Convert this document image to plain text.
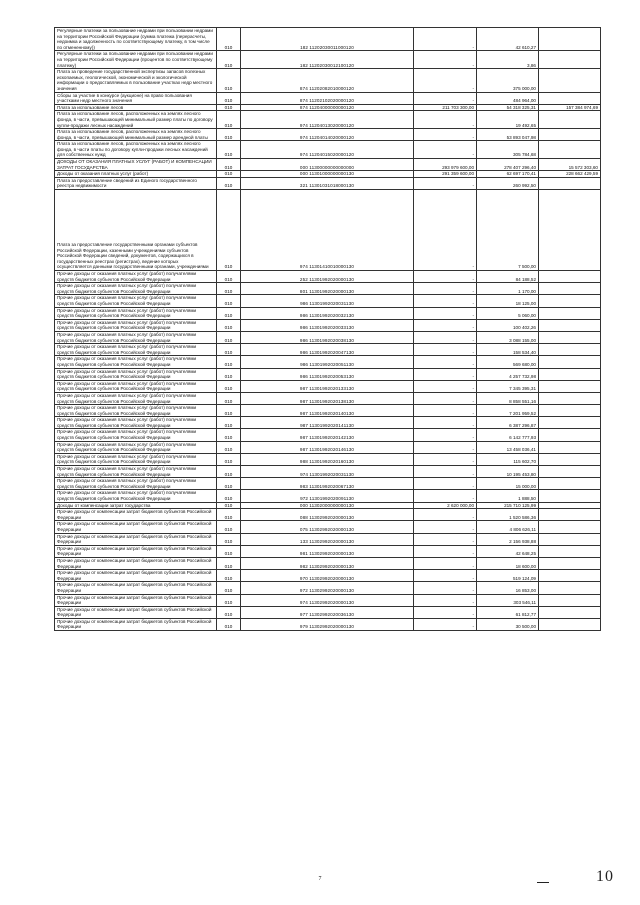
Регулярные платежи за пользование недрами при пользовании недрами на территории Российской Федерации (сумма платежа (перерасчеты, недоимка и задолженность по соответствующему платежу, в том числе по отмененному))	010	182 11202030011000120	-	42 610,27	
Регулярные платежи за пользование недрами при пользовании недрами на территории Российской Федерации (процентов по соответствующему платежу)	010	182 11202030012100120	-	3,86	
Плата за проведение государственной экспертизы запасов полезных ископаемых, геологической, экономической и экологической информации о предоставляемых в пользование участках недр местного значения	010	874 11202082010000120	-	375 000,00	
Сборы за участие в конкурсе (аукционе) на право пользования участками недр местного значения	010	874 11202102020000120	-	484 964,00	
Плата за использование лесов	010	874 11204000000000120	211 703 300,00	54 318 325,31	157 384 974,69
Плата за использование лесов, расположенных на землях лесного фонда, в части, превышающей минимальный размер платы по договору купли-продажи лесных насаждений	010	974 11204013020000120	-	19 492,65	
Плата за использование лесов, расположенных на землях лесного фонда, в части, превышающей минимальный размер арендной платы	010	974 11204014020000120	-	53 893 047,98	
Плата за использование лесов, расположенных на землях лесного фонда, в части платы по договору купли-продажи лесных насаждений для собственных нужд	010	974 11204015020000120	-	305 784,68	
ДОХОДЫ ОТ ОКАЗАНИЯ ПЛАТНЫХ УСЛУГ (РАБОТ) И КОМПЕНСАЦИИ ЗАТРАТ ГОСУДАРСТВА	010	000 11300000000000000	293 979 600,00	278 407 296,40	15 572 303,60
Доходы от оказания платных услуг (работ)	010	000 11301000000000130	291 359 600,00	62 697 170,41	228 662 429,59
Плата за предоставление сведений из Единого государственного реестра недвижимости	010	321 11301031018000130	-	260 992,50	
Плата за предоставление государственными органами субъектов Российской Федерации, казенными учреждениями субъектов Российской Федерации сведений, документов, содержащихся в государственных реестрах (регистрах), ведение которых осуществляется данными государственными органами, учреждениями	010	974 11301410010000130	-	7 500,00	
Прочие доходы от оказания платных услуг (работ) получателями средств бюджетов субъектов Российской Федерации	010	252 11301992020000130	-	84 188,52	
Прочие доходы от оказания платных услуг (работ) получателями средств бюджетов субъектов Российской Федерации	010	801 11301992020000130	-	1 170,00	
Прочие доходы от оказания платных услуг (работ) получателями средств бюджетов субъектов Российской Федерации	010	986 11301992020031130	-	18 125,00	
Прочие доходы от оказания платных услуг (работ) получателями средств бюджетов субъектов Российской Федерации	010	986 11301992020032130	-	5 060,00	
Прочие доходы от оказания платных услуг (работ) получателями средств бюджетов субъектов Российской Федерации	010	986 11301992020033130	-	100 402,26	
Прочие доходы от оказания платных услуг (работ) получателями средств бюджетов субъектов Российской Федерации	010	986 11301992020038130	-	3 088 155,00	
Прочие доходы от оказания платных услуг (работ) получателями средств бюджетов субъектов Российской Федерации	010	986 11301992020047130	-	158 534,40	
Прочие доходы от оказания платных услуг (работ) получателями средств бюджетов субъектов Российской Федерации	010	986 11301992020051130	-	569 680,00	
Прочие доходы от оказания платных услуг (работ) получателями средств бюджетов субъектов Российской Федерации	010	986 11301992020053130	-	4 257 732,98	
Прочие доходы от оказания платных услуг (работ) получателями средств бюджетов субъектов Российской Федерации	010	987 11301992020133130	-	7 345 395,31	
Прочие доходы от оказания платных услуг (работ) получателями средств бюджетов субъектов Российской Федерации	010	987 11301992020138130	-	8 858 551,16	
Прочие доходы от оказания платных услуг (работ) получателями средств бюджетов субъектов Российской Федерации	010	987 11301992020140130	-	7 201 959,52	
Прочие доходы от оказания платных услуг (работ) получателями средств бюджетов субъектов Российской Федерации	010	987 11301992020141130	-	6 387 296,87	
Прочие доходы от оказания платных услуг (работ) получателями средств бюджетов субъектов Российской Федерации	010	987 11301992020142130	-	6 142 777,93	
Прочие доходы от оказания платных услуг (работ) получателями средств бюджетов субъектов Российской Федерации	010	987 11301992020146130	-	13 458 036,41	
Прочие доходы от оказания платных услуг (работ) получателями средств бюджетов субъектов Российской Федерации	010	988 11301992020160130	-	115 602,70	
Прочие доходы от оказания платных услуг (работ) получателями средств бюджетов субъектов Российской Федерации	010	974 11301992020031130	-	10 195 453,80	
Прочие доходы от оказания платных услуг (работ) получателями средств бюджетов субъектов Российской Федерации	010	983 11301992020067130	-	15 000,00	
Прочие доходы от оказания платных услуг (работ) получателями средств бюджетов субъектов Российской Федерации	010	972 11301992020091130	-	1 888,50	
Доходы от компенсации затрат государства	010	000 11302000000000130	2 620 000,00	215 710 125,99	
Прочие доходы от компенсации затрат бюджетов субъектов Российской Федерации	010	088 11302992020000130	-	1 520 586,36	
Прочие доходы от компенсации затрат бюджетов субъектов Российской Федерации	010	075 11302992020000130	-	4 806 626,11	
Прочие доходы от компенсации затрат бюджетов субъектов Российской Федерации	010	133 11302992020000130	-	2 156 938,88	
Прочие доходы от компенсации затрат бюджетов субъектов Российской Федерации	010	981 11302992020000130	-	42 648,25	
Прочие доходы от компенсации затрат бюджетов субъектов Российской Федерации	010	982 11302992020000130	-	18 600,00	
Прочие доходы от компенсации затрат бюджетов субъектов Российской Федерации	010	970 11302992020000130	-	519 124,09	
Прочие доходы от компенсации затрат бюджетов субъектов Российской Федерации	010	972 11302992020000130	-	16 853,00	
Прочие доходы от компенсации затрат бюджетов субъектов Российской Федерации	010	974 11302992020000130	-	303 546,11	
Прочие доходы от компенсации затрат бюджетов субъектов Российской Федерации	010	977 11302992020036130	-	61 812,77	
Прочие доходы от компенсации затрат бюджетов субъектов Российской Федерации	010	979 11302992020000130	-	30 500,00	
7	10
